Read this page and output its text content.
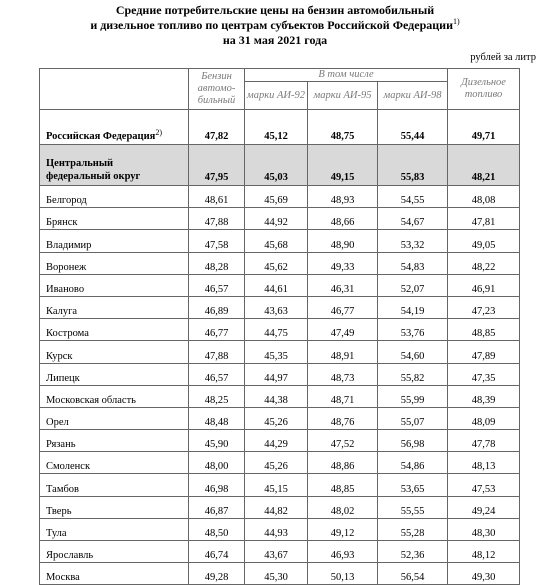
Средние потребительские цены на бензин автомобильный
и дизельное топливо по центрам субъектов Российской Федерации$^{1)}$
на 31 мая 2021 года
рублей за литр
	Бензин автомо- бильный	В том числе			Дизельное топливо
		марки АИ-92	марки АИ-95	марки АИ-98	
Российская Федерация$^{2)}$	47,82	45,12	48,75	55,44	49,71

Центральный
федеральный округ	47,95	45,03	49,15	55,83	48,21
Белгород	48,61	45,69	48,93	54,55	48,08
Брянск	47,88	44,92	48,66	54,67	47,81
Владимир	47,58	45,68	48,90	53,32	49,05
Воронеж	48,28	45,62	49,33	54,83	48,22
Иваново	46,57	44,61	46,31	52,07	46,91
Калуга	46,89	43,63	46,77	54,19	47,23
Кострома	46,77	44,75	47,49	53,76	48,85
Курск	47,88	45,35	48,91	54,60	47,89
Липецк	46,57	44,97	48,73	55,82	47,35
Московская область	48,25	44,38	48,71	55,99	48,39
Орел	48,48	45,26	48,76	55,07	48,09
Рязань	45,90	44,29	47,52	56,98	47,78
Смоленск	48,00	45,26	48,86	54,86	48,13
Тамбов	46,98	45,15	48,85	53,65	47,53
Тверь	46,87	44,82	48,02	55,55	49,24
Тула	48,50	44,93	49,12	55,28	48,30
Ярославль	46,74	43,67	46,93	52,36	48,12
Москва	49,28	45,30	50,13	56,54	49,30
